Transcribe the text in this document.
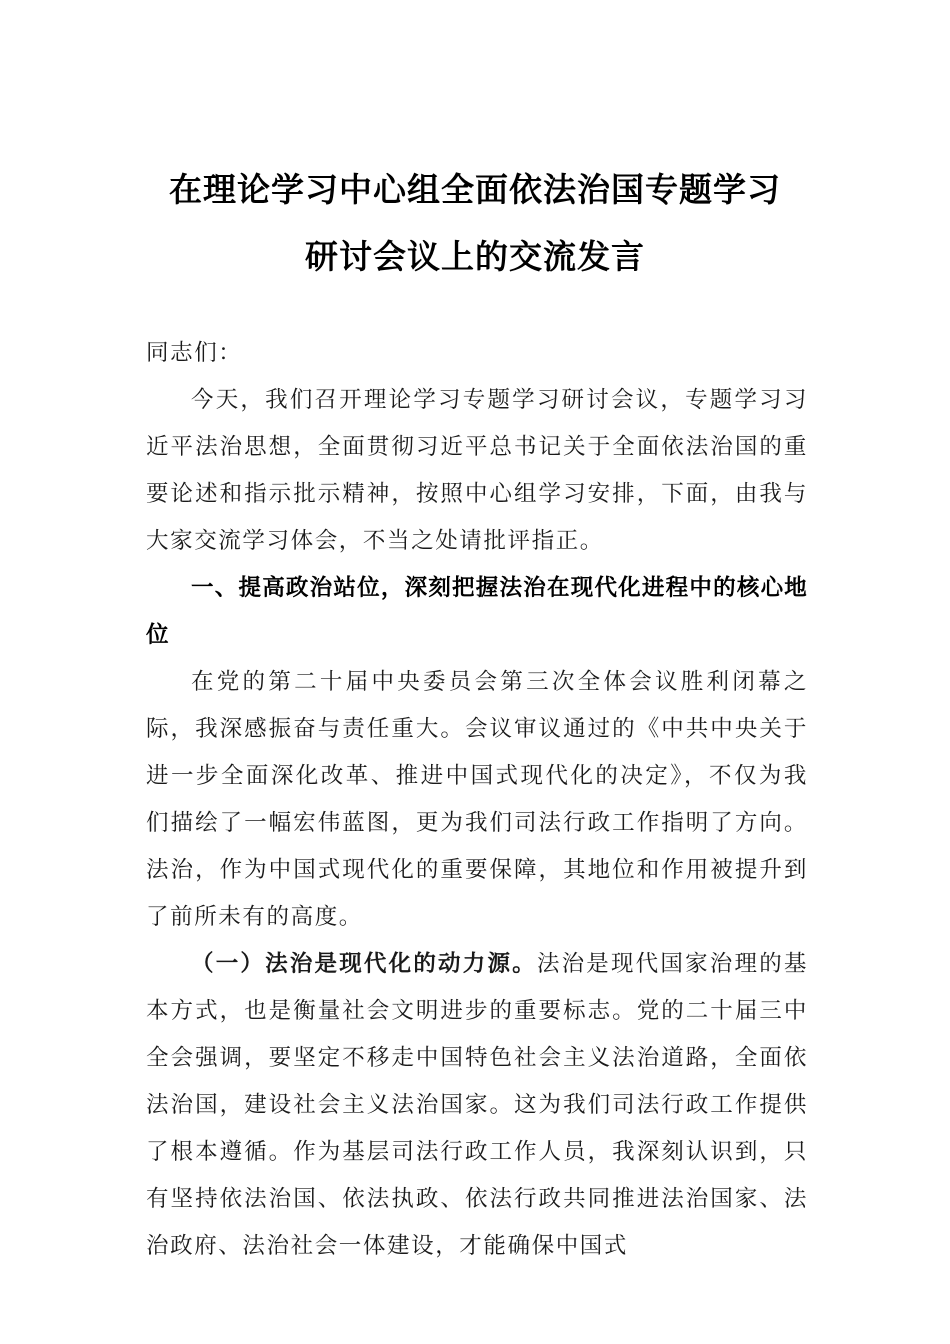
在理论学习中心组全面依法治国专题学习
研讨会议上的交流发言

同志们：

今天，我们召开理论学习专题学习研讨会议，专题学习习近平法治思想，全面贯彻习近平总书记关于全面依法治国的重要论述和指示批示精神，按照中心组学习安排，下面，由我与大家交流学习体会，不当之处请批评指正。

一、提高政治站位，深刻把握法治在现代化进程中的核心地位

在党的第二十届中央委员会第三次全体会议胜利闭幕之际，我深感振奋与责任重大。会议审议通过的《中共中央关于进一步全面深化改革、推进中国式现代化的决定》，不仅为我们描绘了一幅宏伟蓝图，更为我们司法行政工作指明了方向。法治，作为中国式现代化的重要保障，其地位和作用被提升到了前所未有的高度。

（一）法治是现代化的动力源。法治是现代国家治理的基本方式，也是衡量社会文明进步的重要标志。党的二十届三中全会强调，要坚定不移走中国特色社会主义法治道路，全面依法治国，建设社会主义法治国家。这为我们司法行政工作提供了根本遵循。作为基层司法行政工作人员，我深刻认识到，只有坚持依法治国、依法执政、依法行政共同推进法治国家、法治政府、法治社会一体建设，才能确保中国式
